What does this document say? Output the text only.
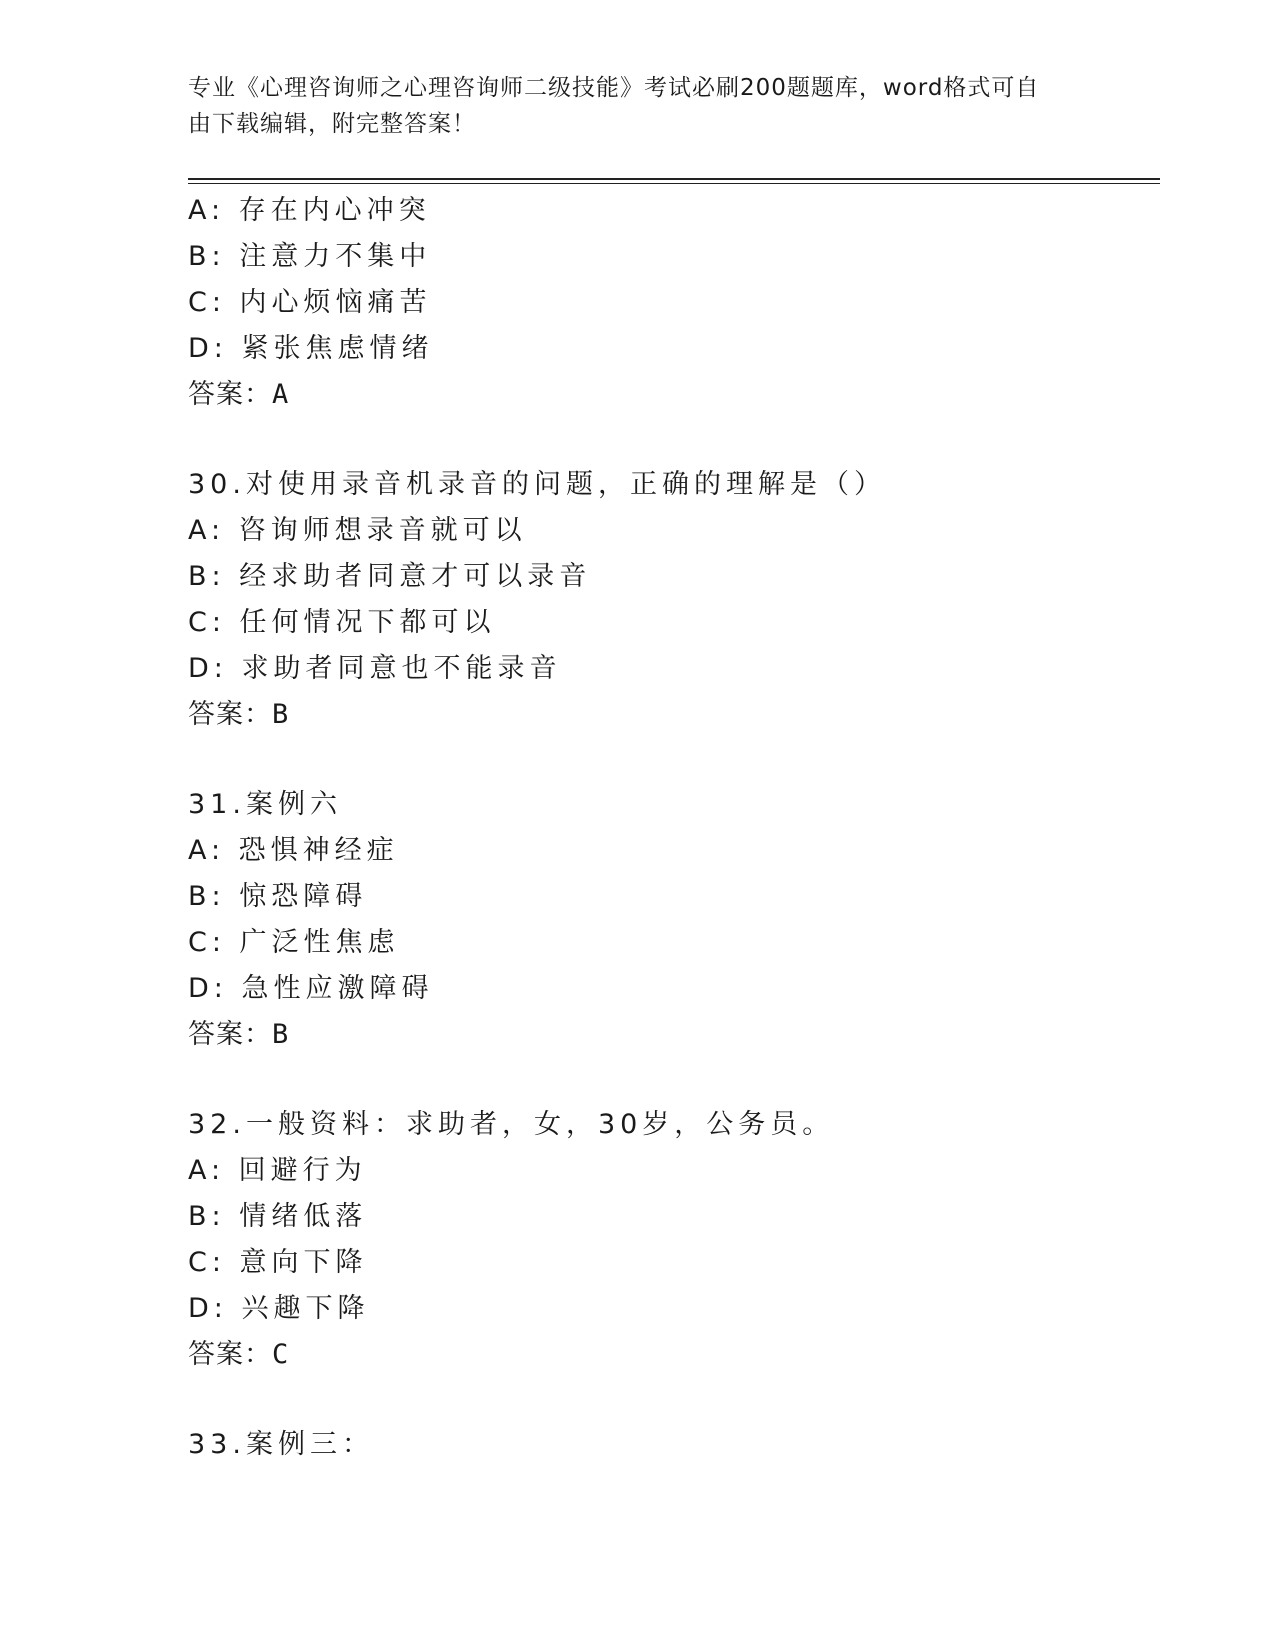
专业《心理咨询师之心理咨询师二级技能》考试必刷200题题库，word格式可自
由下载编辑，附完整答案！
A: 存在内心冲突
B: 注意力不集中
C: 内心烦恼痛苦
D: 紧张焦虑情绪
答案：A
30.对使用录音机录音的问题，正确的理解是（）
A: 咨询师想录音就可以
B: 经求助者同意才可以录音
C: 任何情况下都可以
D: 求助者同意也不能录音
答案：B
31.案例六
A: 恐惧神经症
B: 惊恐障碍
C: 广泛性焦虑
D: 急性应激障碍
答案：B
32.一般资料：求助者，女，30岁，公务员。
A: 回避行为
B: 情绪低落
C: 意向下降
D: 兴趣下降
答案：C
33.案例三：
